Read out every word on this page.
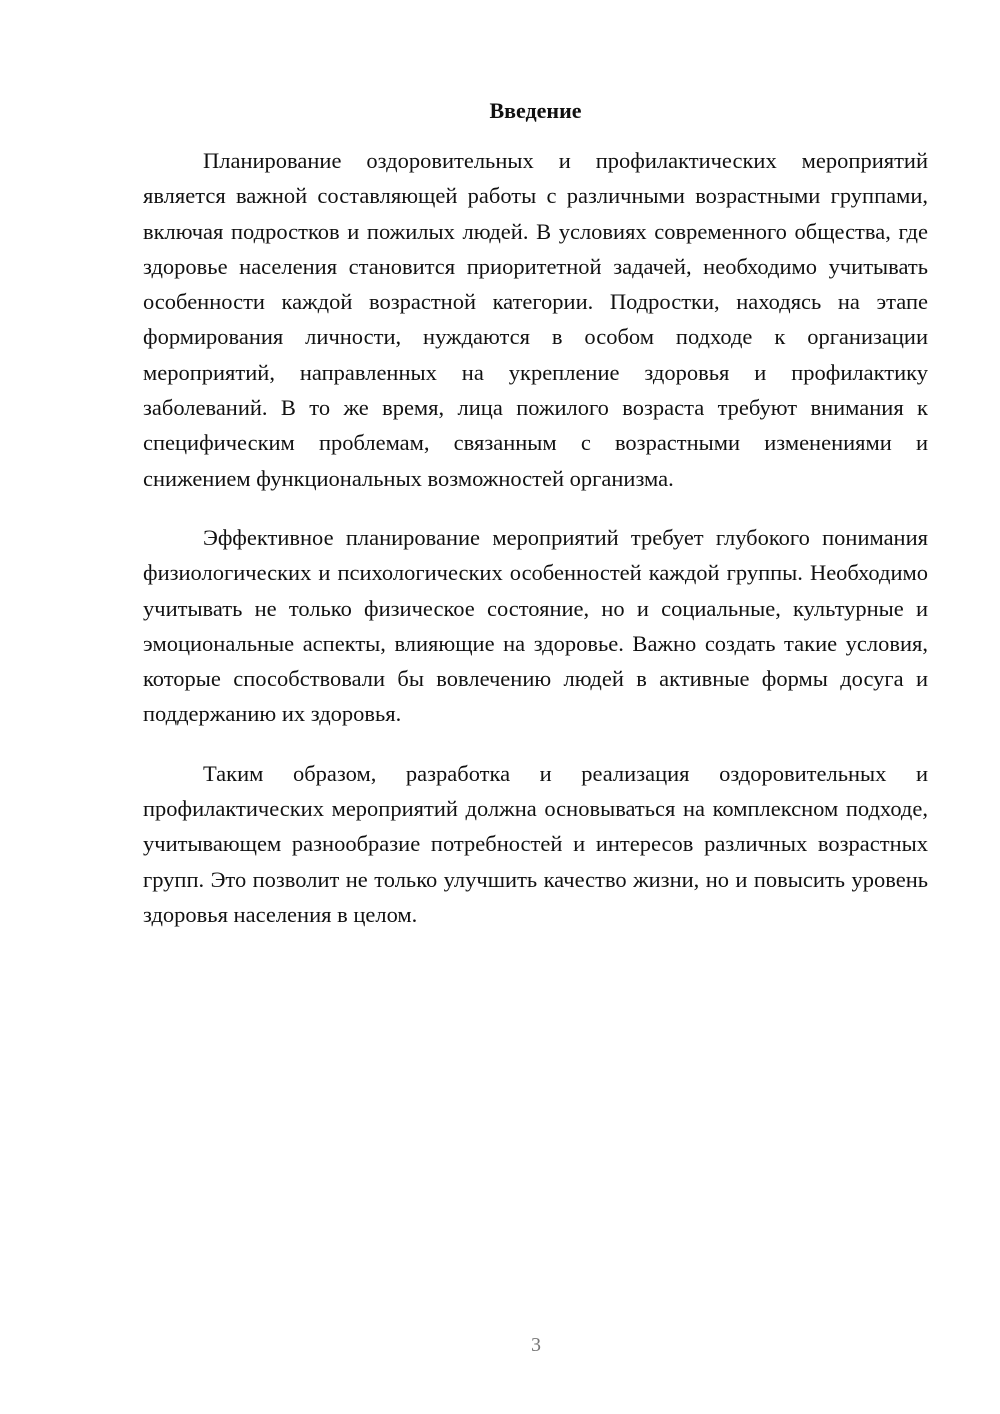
Введение

Планирование оздоровительных и профилактических мероприятий является важной составляющей работы с различными возрастными группами, включая подростков и пожилых людей. В условиях современного общества, где здоровье населения становится приоритетной задачей, необходимо учитывать особенности каждой возрастной категории. Подростки, находясь на этапе формирования личности, нуждаются в особом подходе к организации мероприятий, направленных на укрепление здоровья и профилактику заболеваний. В то же время, лица пожилого возраста требуют внимания к специфическим проблемам, связанным с возрастными изменениями и снижением функциональных возможностей организма.

Эффективное планирование мероприятий требует глубокого понимания физиологических и психологических особенностей каждой группы. Необходимо учитывать не только физическое состояние, но и социальные, культурные и эмоциональные аспекты, влияющие на здоровье. Важно создать такие условия, которые способствовали бы вовлечению людей в активные формы досуга и поддержанию их здоровья.

Таким образом, разработка и реализация оздоровительных и профилактических мероприятий должна основываться на комплексном подходе, учитывающем разнообразие потребностей и интересов различных возрастных групп. Это позволит не только улучшить качество жизни, но и повысить уровень здоровья населения в целом.

3
